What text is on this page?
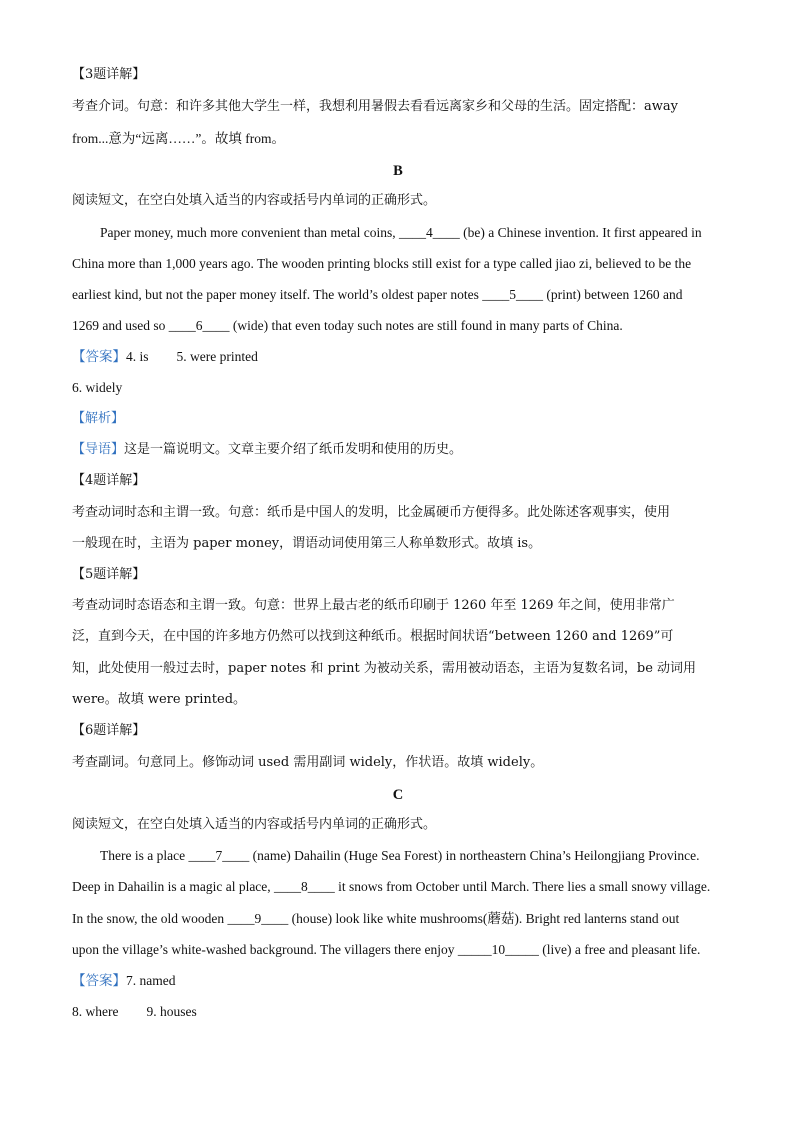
【3题详解】
考查介词。句意：和许多其他大学生一样，我想利用暑假去看看远离家乡和父母的生活。固定搭配：away
from...意为“远离……”。故填 from。
B
阅读短文，在空白处填入适当的内容或括号内单词的正确形式。
Paper money, much more convenient than metal coins, ____4____ (be) a Chinese invention. It first appeared in
China more than 1,000 years ago. The wooden printing blocks still exist for a type called jiao zi, believed to be the
earliest kind, but not the paper money itself. The world’s oldest paper notes ____5____ (print) between 1260 and
1269 and used so ____6____ (wide) that even today such notes are still found in many parts of China.
【答案】4. is 5. were printed
6. widely
【解析】
【导语】这是一篇说明文。文章主要介绍了纸币发明和使用的历史。
【4题详解】
考查动词时态和主谓一致。句意：纸币是中国人的发明，比金属硬币方便得多。此处陈述客观事实，使用
一般现在时，主语为 paper money，谓语动词使用第三人称单数形式。故填 is。
【5题详解】
考查动词时态语态和主谓一致。句意：世界上最古老的纸币印刷于 1260 年至 1269 年之间，使用非常广
泛，直到今天，在中国的许多地方仍然可以找到这种纸币。根据时间状语“between 1260 and 1269”可
知，此处使用一般过去时，paper notes 和 print 为被动关系，需用被动语态，主语为复数名词，be 动词用
were。故填 were printed。
【6题详解】
考查副词。句意同上。修饰动词 used 需用副词 widely，作状语。故填 widely。
C
阅读短文，在空白处填入适当的内容或括号内单词的正确形式。
There is a place ____7____ (name) Dahailin (Huge Sea Forest) in northeastern China’s Heilongjiang Province.
Deep in Dahailin is a magic al place, ____8____ it snows from October until March. There lies a small snowy village.
In the snow, the old wooden ____9____ (house) look like white mushrooms(蘑菇). Bright red lanterns stand out
upon the village’s white-washed background. The villagers there enjoy _____10_____ (live) a free and pleasant life.
【答案】7. named
8. where 9. houses
